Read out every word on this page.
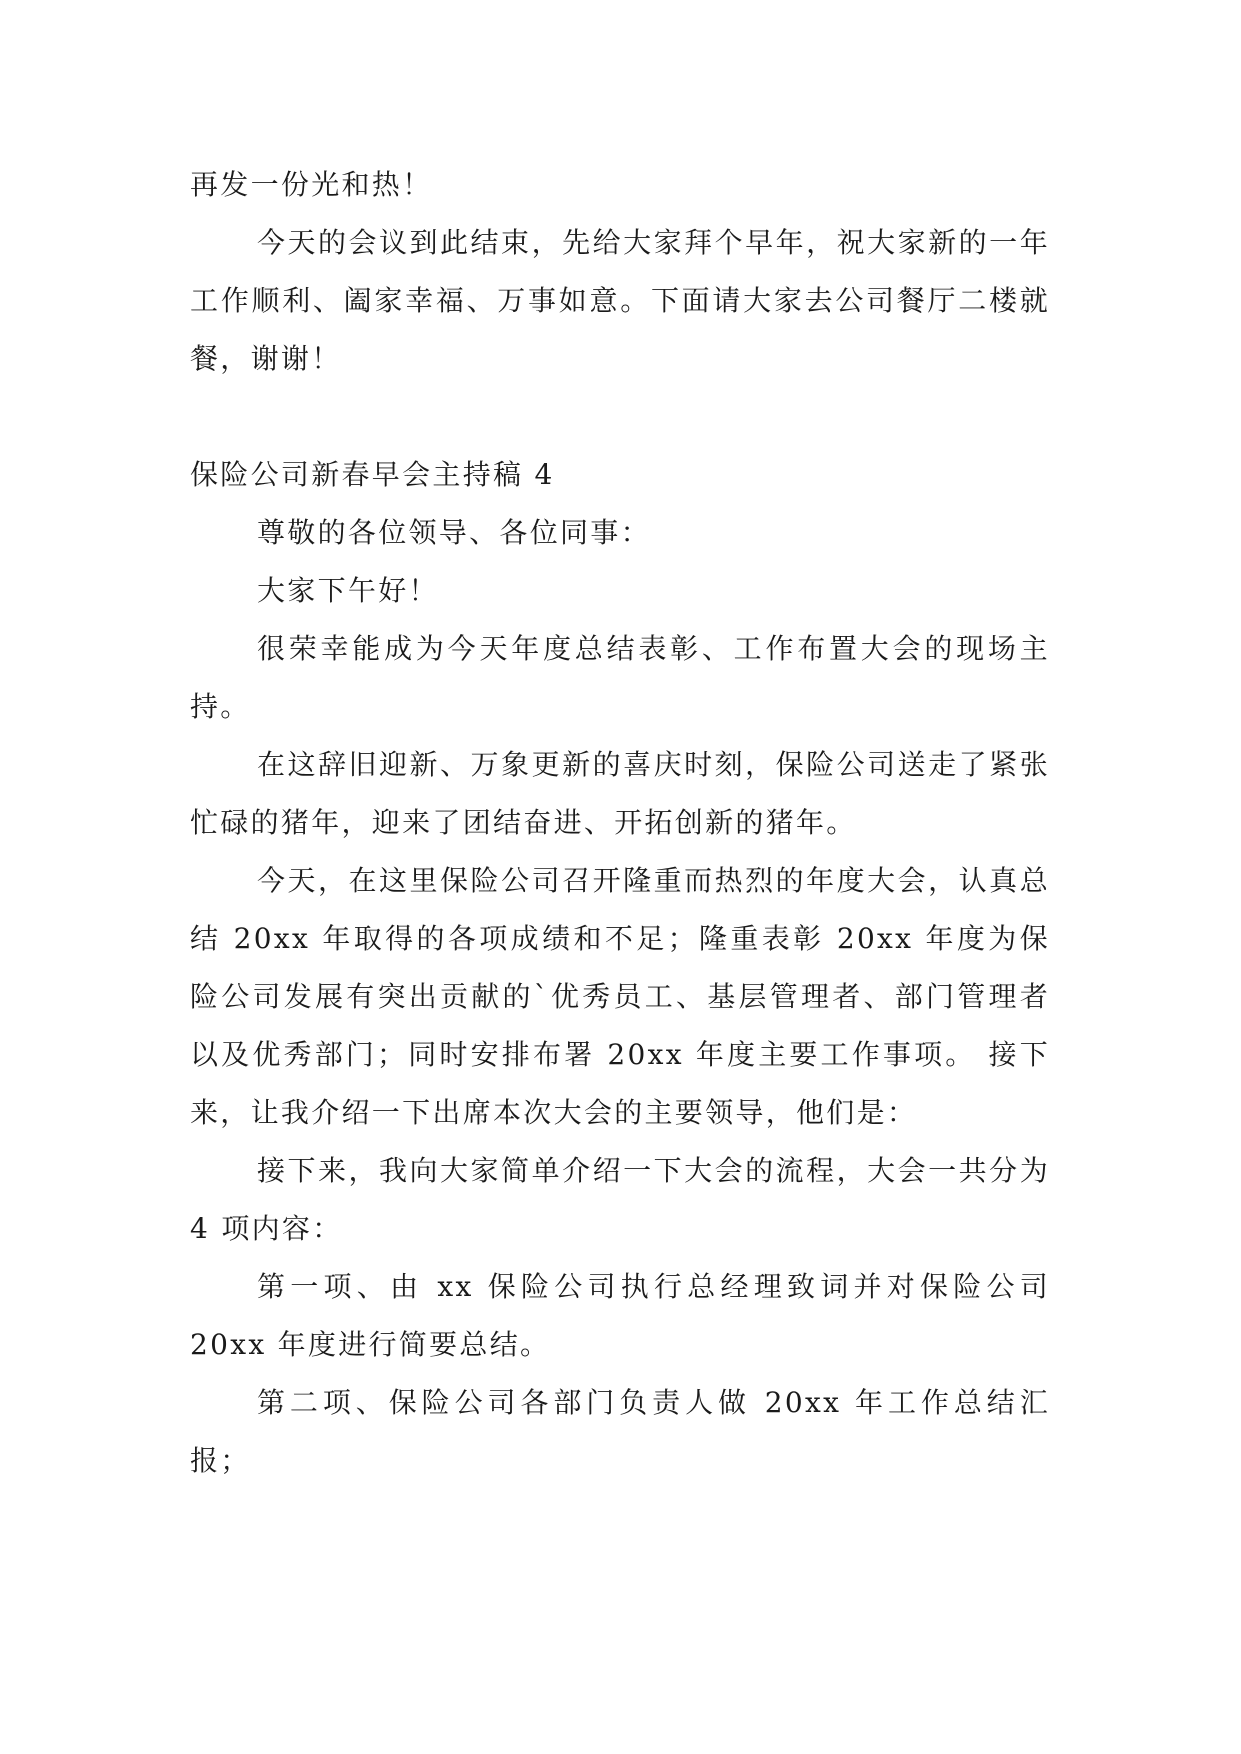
再发一份光和热！

今天的会议到此结束，先给大家拜个早年，祝大家新的一年工作顺利、阖家幸福、万事如意。下面请大家去公司餐厅二楼就餐，谢谢！

保险公司新春早会主持稿 4

尊敬的各位领导、各位同事：

大家下午好！

很荣幸能成为今天年度总结表彰、工作布置大会的现场主持。

在这辞旧迎新、万象更新的喜庆时刻，保险公司送走了紧张忙碌的猪年，迎来了团结奋进、开拓创新的猪年。

今天，在这里保险公司召开隆重而热烈的年度大会，认真总结 20xx 年取得的各项成绩和不足；隆重表彰 20xx 年度为保险公司发展有突出贡献的`优秀员工、基层管理者、部门管理者以及优秀部门；同时安排布署 20xx 年度主要工作事项。 接下来，让我介绍一下出席本次大会的主要领导，他们是：

接下来，我向大家简单介绍一下大会的流程，大会一共分为 4 项内容：

第一项、由 xx 保险公司执行总经理致词并对保险公司 20xx 年度进行简要总结。

第二项、保险公司各部门负责人做 20xx 年工作总结汇报；
